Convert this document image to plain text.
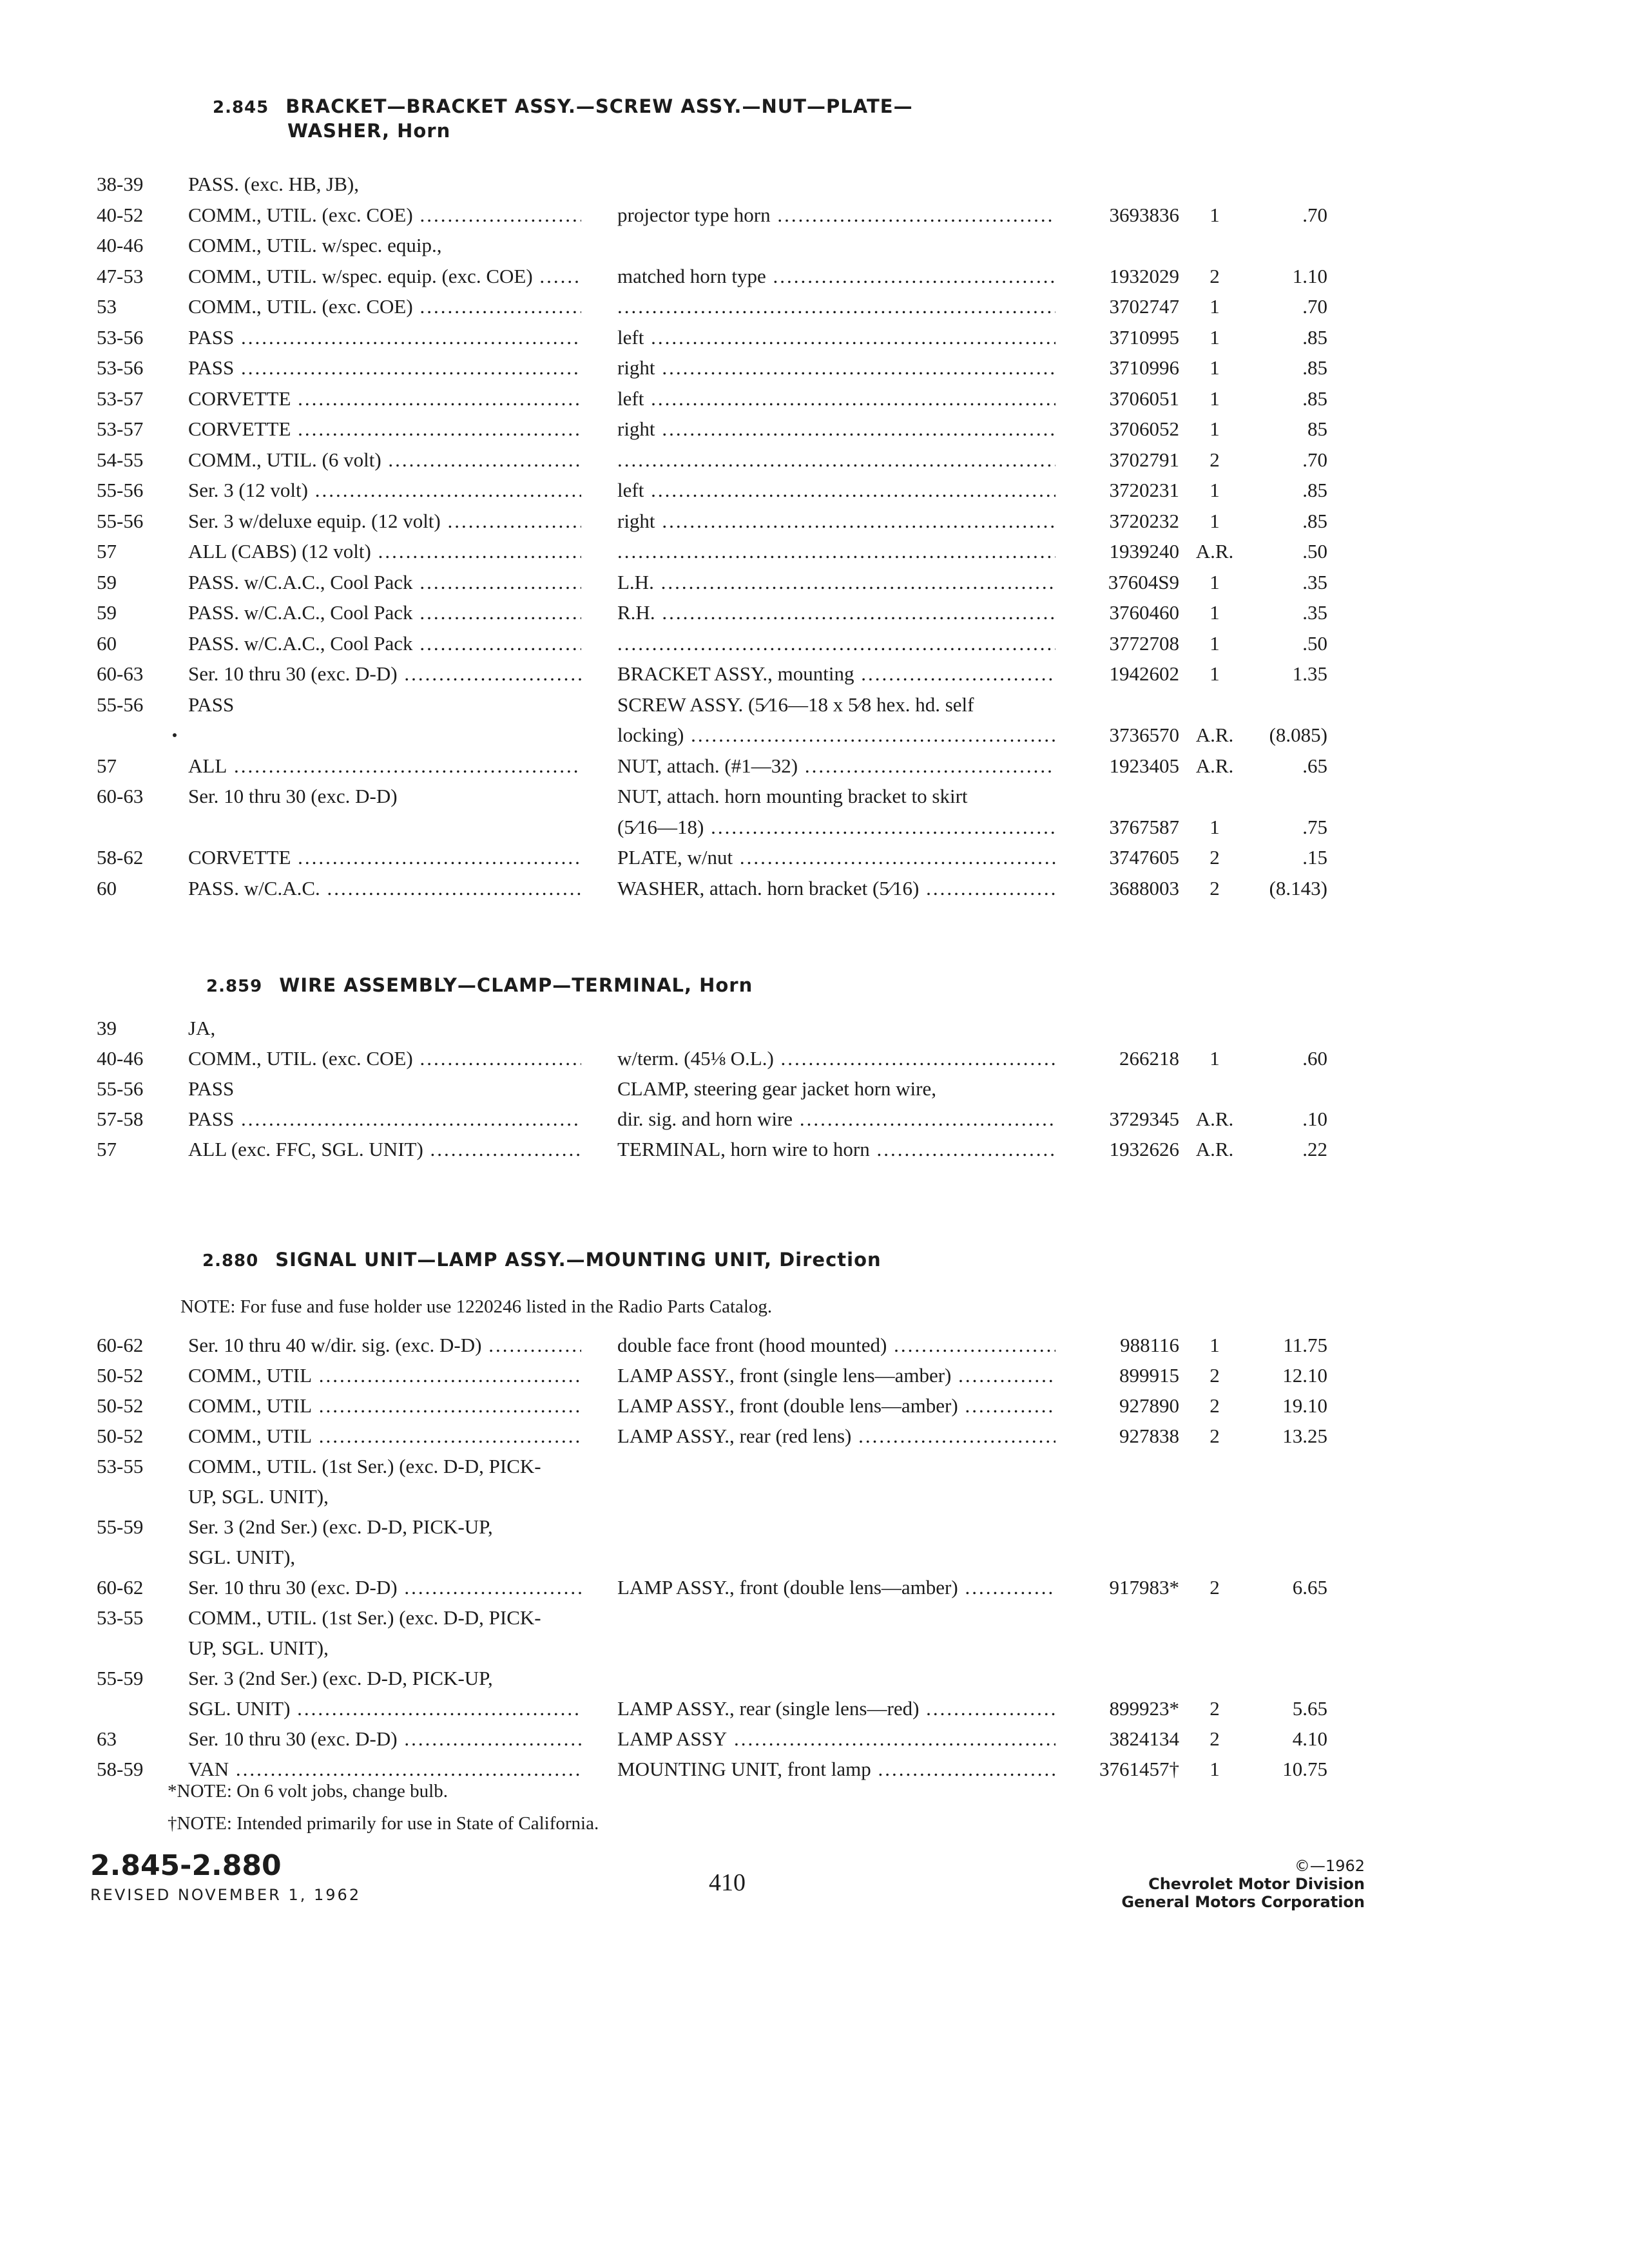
2.845 BRACKET—BRACKET ASSY.—SCREW ASSY.—NUT—PLATE—
WASHER, Horn
38-39 PASS. (exc. HB, JB),
40-52 COMM., UTIL. (exc. COE) .....	projector type horn .....	3693836	1	.70
40-46 COMM., UTIL. w/spec. equip.,
47-53 COMM., UTIL. w/spec. equip. (exc. COE) .....	matched horn type .....	1932029	2	1.10
53	COMM., UTIL. (exc. COE) ..... .....	3702747	1	.70
53-56 PASS .....	left .....	3710995	1	.85
53-56 PASS .....	right .....	3710996	1	.85
53-57 CORVETTE .....	left .....	3706051	1	.85
53-57 CORVETTE .....	right .....	3706052	1	85
54-55 COMM., UTIL. (6 volt) ..... .....	3702791	2	.70
55-56 Ser. 3 (12 volt) .....	left .....	3720231	1	.85
55-56 Ser. 3 w/deluxe equip. (12 volt) .....	right .....	3720232	1	.85
57	ALL (CABS) (12 volt) ..... .....	1939240 A.R.	.50
59	PASS. w/C.A.C., Cool Pack .....	L.H. .....	37604S9	1	.35
59	PASS. w/C.A.C., Cool Pack .....	R.H. .....	3760460	1	.35
60	PASS. w/C.A.C., Cool Pack ..... .....	3772708	1	.50
60-63 Ser. 10 thru 30 (exc. D-D) .....	BRACKET ASSY., mounting .....	1942602	1	1.35
55-56 PASS	SCREW ASSY. (5⁄16—18 x 5⁄8 hex. hd. self
locking) .....	3736570 A.R.	(8.085)
57	ALL .....	NUT, attach. (#1—32) .....	1923405 A.R.	.65
60-63 Ser. 10 thru 30 (exc. D-D)	NUT, attach. horn mounting bracket to skirt
(5⁄16—18) .....	3767587	1	.75
58-62 CORVETTE .....	PLATE, w/nut .....	3747605	2	.15
60	PASS. w/C.A.C. .....	WASHER, attach. horn bracket (5⁄16) .....	3688003	2	(8.143)
2.859 WIRE ASSEMBLY—CLAMP—TERMINAL, Horn
39	JA,
40-46 COMM., UTIL. (exc. COE) .....	w/term. (45⅛ O.L.) .....	266218	1	.60
55-56 PASS	CLAMP, steering gear jacket horn wire,
57-58 PASS .....	dir. sig. and horn wire .....	3729345 A.R.	.10
57	ALL (exc. FFC, SGL. UNIT) .....	TERMINAL, horn wire to horn .....	1932626 A.R.	.22
2.880 SIGNAL UNIT—LAMP ASSY.—MOUNTING UNIT, Direction
NOTE: For fuse and fuse holder use 1220246 listed in the Radio Parts Catalog.
60-62 Ser. 10 thru 40 w/dir. sig. (exc. D-D) .....	double face front (hood mounted) .....	988116	1	11.75
50-52 COMM., UTIL .....	LAMP ASSY., front (single lens—amber) .....	899915	2	12.10
50-52 COMM., UTIL .....	LAMP ASSY., front (double lens—amber) .....	927890	2	19.10
50-52 COMM., UTIL .....	LAMP ASSY., rear (red lens) .....	927838	2	13.25
53-55 COMM., UTIL. (1st Ser.) (exc. D-D, PICK-
UP, SGL. UNIT),
55-59 Ser. 3 (2nd Ser.) (exc. D-D, PICK-UP,
SGL. UNIT),
60-62 Ser. 10 thru 30 (exc. D-D) .....	LAMP ASSY., front (double lens—amber) .....	917983*	2	6.65
53-55 COMM., UTIL. (1st Ser.) (exc. D-D, PICK-
UP, SGL. UNIT),
55-59 Ser. 3 (2nd Ser.) (exc. D-D, PICK-UP,
SGL. UNIT) .....	LAMP ASSY., rear (single lens—red) .....	899923*	2	5.65
63	Ser. 10 thru 30 (exc. D-D) .....	LAMP ASSY .....	3824134	2	4.10
58-59 VAN .....	MOUNTING UNIT, front lamp .....	3761457†	1	10.75
*NOTE: On 6 volt jobs, change bulb.
†NOTE: Intended primarily for use in State of California.
2.845-2.880
REVISED NOVEMBER 1, 1962	410
©—1962
Chevrolet Motor Division
General Motors Corporation
